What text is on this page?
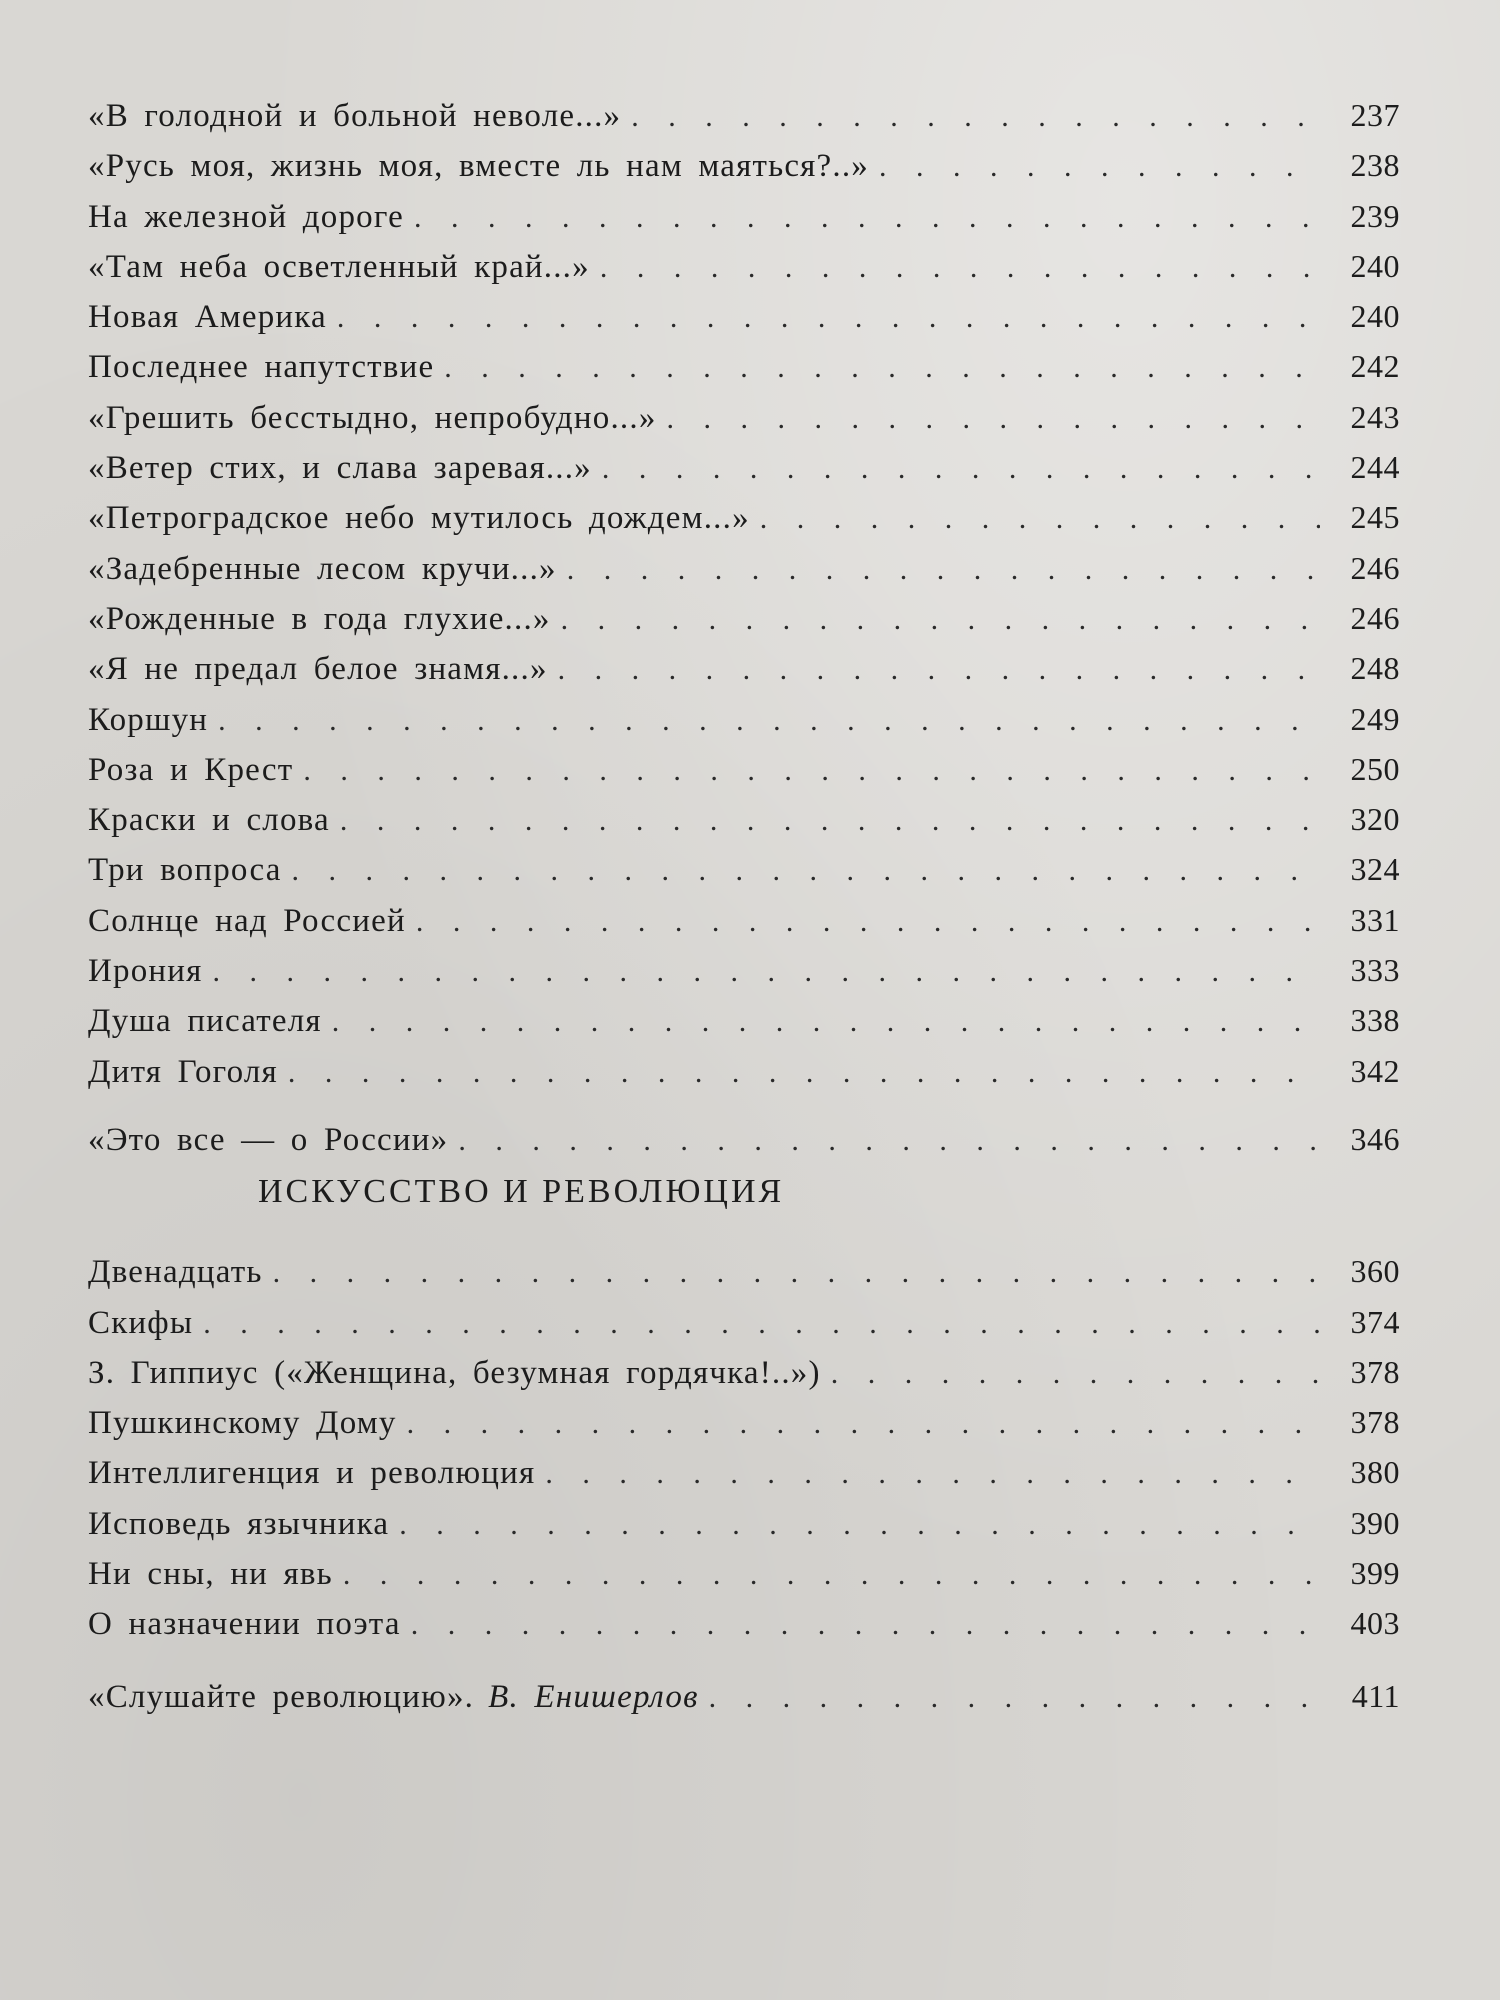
«В голодной и больной неволе...» . . .	237
«Русь моя, жизнь моя, вместе ль нам маяться?..» . . .	238
На железной дороге . . .	239
«Там неба осветленный край...» . . .	240
Новая Америка . . .	240
Последнее напутствие . . .	242
«Грешить бесстыдно, непробудно...» . . .	243
«Ветер стих, и слава заревая...» . . .	244
«Петроградское небо мутилось дождем...» . . .	245
«Задебренные лесом кручи...» . . .	246
«Рожденные в года глухие...» . . .	246
«Я не предал белое знамя...» . . .	248
Коршун . . .	249
Роза и Крест . . .	250
Краски и слова . . .	320
Три вопроса . . .	324
Солнце над Россией . . .	331
Ирония . . .	333
Душа писателя . . .	338
Дитя Гоголя . . .	342
«Это все — о России» . . .	346
ИСКУССТВО И РЕВОЛЮЦИЯ
Двенадцать . . .	360
Скифы . . .	374
З. Гиппиус («Женщина, безумная гордячка!..») . . .	378
Пушкинскому Дому . . .	378
Интеллигенция и революция . . .	380
Исповедь язычника . . .	390
Ни сны, ни явь . . .	399
О назначении поэта . . .	403
«Слушайте революцию». В. Енишерлов . . .	411
